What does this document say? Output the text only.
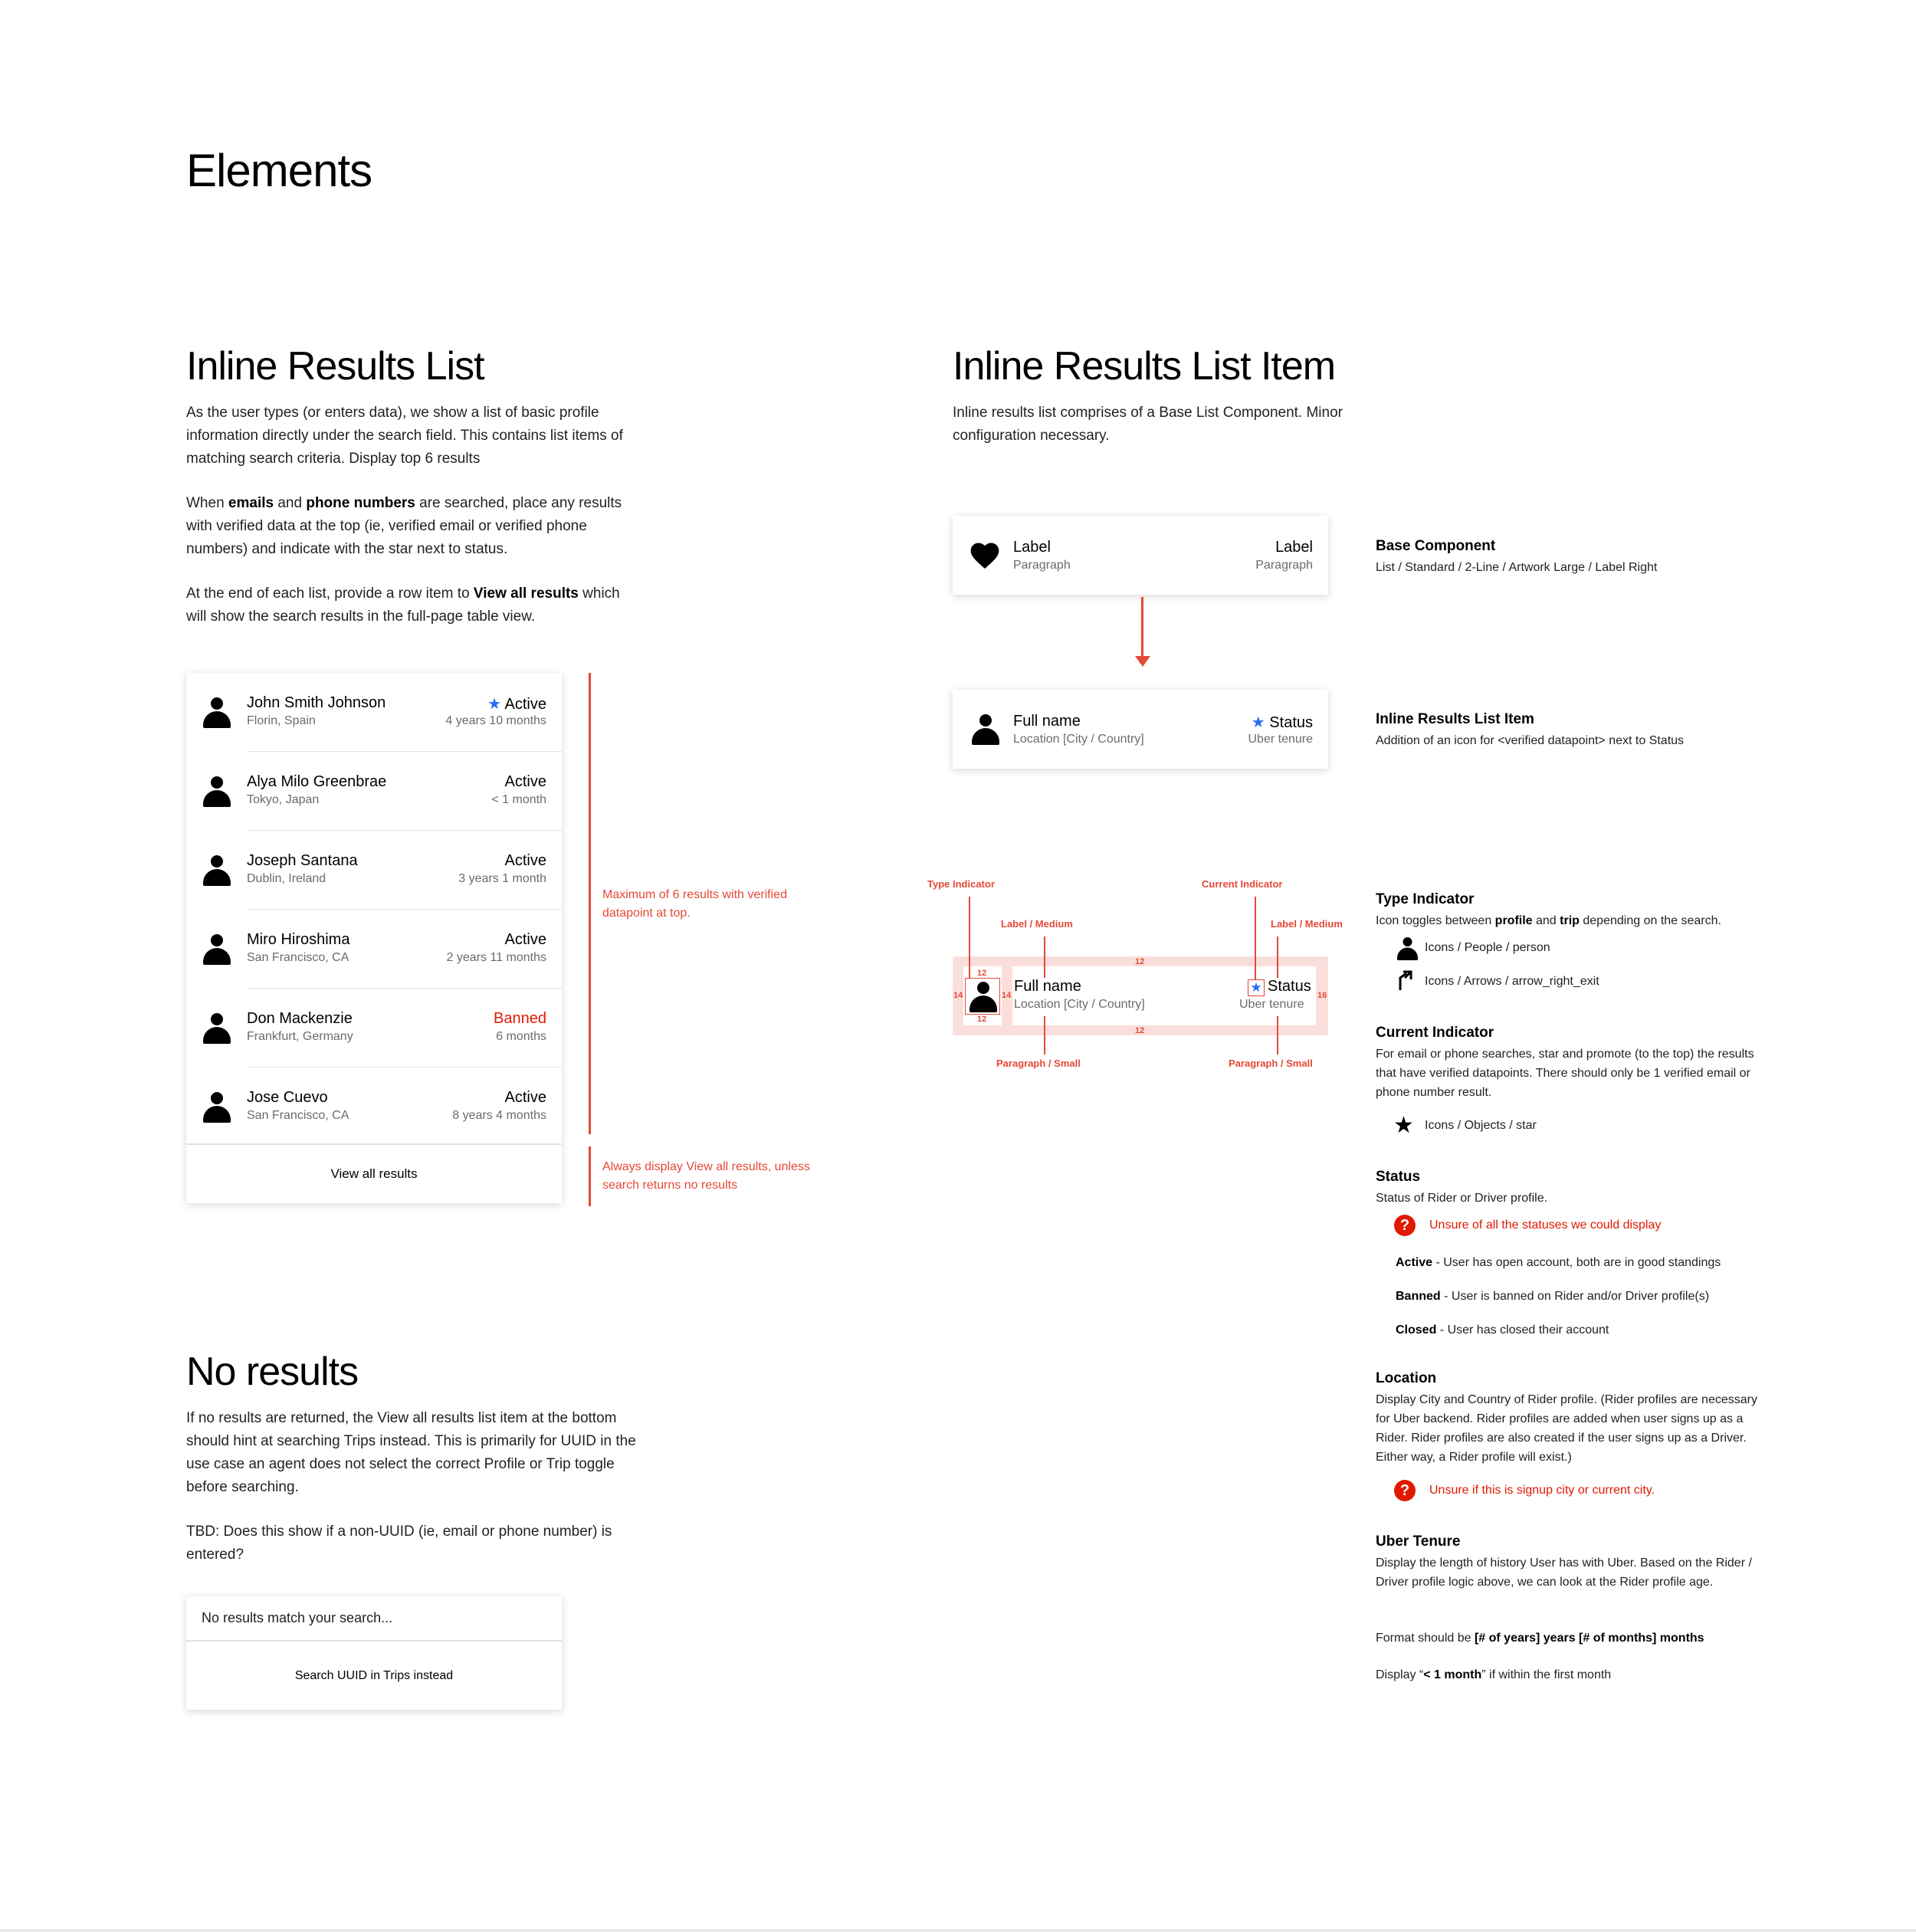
Elements
Inline Results List
As the user types (or enters data), we show a list of basic profile information directly under the search field. This contains list items of matching search criteria. Display top 6 results
When emails and phone numbers are searched, place any results with verified data at the top (ie, verified email or verified phone numbers) and indicate with the star next to status.
At the end of each list, provide a row item to View all results which will show the search results in the full-page table view.
John Smith Johnson
Florin, Spain
★ Active
4 years 10 months
Alya Milo Greenbrae
Tokyo, Japan
Active
< 1 month
Joseph Santana
Dublin, Ireland
Active
3 years 1 month
Miro Hiroshima
San Francisco, CA
Active
2 years 11 months
Don Mackenzie
Frankfurt, Germany
Banned
6 months
Jose Cuevo
San Francisco, CA
Active
8 years 4 months
View all results
Maximum of 6 results with verified datapoint at top.
Always display View all results, unless search returns no results
No results
If no results are returned, the View all results list item at the bottom should hint at searching Trips instead. This is primarily for UUID in the use case an agent does not select the correct Profile or Trip toggle before searching.
TBD: Does this show if a non-UUID (ie, email or phone number) is entered?
No results match your search...
Search UUID in Trips instead
Inline Results List Item
Inline results list comprises of a Base List Component. Minor configuration necessary.
Label
Paragraph
Label
Paragraph
Base Component
List / Standard / 2-Line / Artwork Large / Label Right
Full name
Location [City / Country]
★ Status
Uber tenure
Inline Results List Item
Addition of an icon for <verified datapoint> next to Status
Full name
Location [City / Country]
Status
★
Uber tenure
12
12
12
12
14	14	16
Type Indicator	Current Indicator
Label / Medium	Label / Medium
Paragraph / Small	Paragraph / Small
Type Indicator
Icon toggles between profile and trip depending on the search.
Icons / People / person
Icons / Arrows / arrow_right_exit
Current Indicator
For email or phone searches, star and promote (to the top) the results that have verified datapoints. There should only be 1 verified email or phone number result.
★ Icons / Objects / star
Status
Status of Rider or Driver profile.
?	Unsure of all the statuses we could display
Active - User has open account, both are in good standings
Banned - User is banned on Rider and/or Driver profile(s)
Closed - User has closed their account
Location
Display City and Country of Rider profile. (Rider profiles are necessary for Uber backend. Rider profiles are added when user signs up as a Rider. Rider profiles are also created if the user signs up as a Driver. Either way, a Rider profile will exist.)
?	Unsure if this is signup city or current city.
Uber Tenure
Display the length of history User has with Uber. Based on the Rider / Driver profile logic above, we can look at the Rider profile age.
Format should be [# of years] years [# of months] months
Display “< 1 month” if within the first month
